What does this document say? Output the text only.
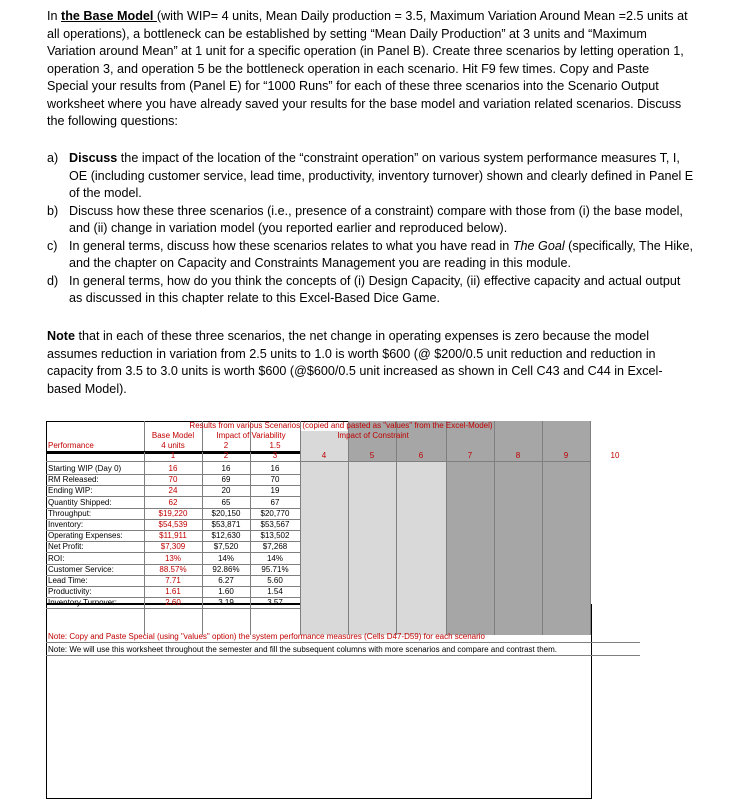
In the Base Model (with WIP= 4 units, Mean Daily production = 3.5, Maximum Variation Around Mean =2.5 units at all operations), a bottleneck can be established by setting “Mean Daily Production” at 3 units and “Maximum Variation around Mean” at 1 unit for a specific operation (in Panel B). Create three scenarios by letting operation 1, operation 3, and operation 5 be the bottleneck operation in each scenario. Hit F9 few times. Copy and Paste Special your results from (Panel E) for “1000 Runs” for each of these three scenarios into the Scenario Output worksheet where you have already saved your results for the base model and variation related scenarios. Discuss the following questions:

a) Discuss the impact of the location of the “constraint operation” on various system performance measures T, I, OE (including customer service, lead time, productivity, inventory turnover) shown and clearly defined in Panel E of the model.

b) Discuss how these three scenarios (i.e., presence of a constraint) compare with those from (i) the base model, and (ii) change in variation model (you reported earlier and reproduced below).

c) In general terms, discuss how these scenarios relates to what you have read in The Goal (specifically, The Hike, and the chapter on Capacity and Constraints Management you are reading in this module.

d) In general terms, how do you think the concepts of (i) Design Capacity, (ii) effective capacity and actual output as discussed in this chapter relate to this Excel-Based Dice Game.

Note that in each of these three scenarios, the net change in operating expenses is zero because the model assumes reduction in variation from 2.5 units to 1.0 is worth $600 (@ $200/0.5 unit reduction and reduction in capacity from 3.5 to 3.0 units is worth $600 (@$600/0.5 unit increased as shown in Cell C43 and C44 in Excel-based Model).
Results from various Scenarios (copied and pasted as "values" from the Excel-Model)
Base Model	Impact of Variability	Impact of Constraint
Performance	4 units	2	1.5
1	2	3	4	5	6	7	8	9	10
Starting WIP (Day 0)	16	16	16
RM Released:	70	69	70
Ending WIP:	24	20	19
Quantity Shipped:	62	65	67
Throughput:	$19,220	$20,150	$20,770
Inventory:	$54,539	$53,871	$53,567
Operating Expenses:	$11,911	$12,630	$13,502
Net Profit:	$7,309	$7,520	$7,268
ROI:	13%	14%	14%
Customer Service:	88.57%	92.86%	95.71%
Lead Time:	7.71	6.27	5.60
Productivity:	1.61	1.60	1.54
Inventory Turnover:	2.60	3.19	3.57
Note: Copy and Paste Special (using "values" option) the system performance measures (Cells D47-D59) for each scenario
Note: We will use this worksheet throughout the semester and fill the subsequent columns with more scenarios and compare and contrast them.
